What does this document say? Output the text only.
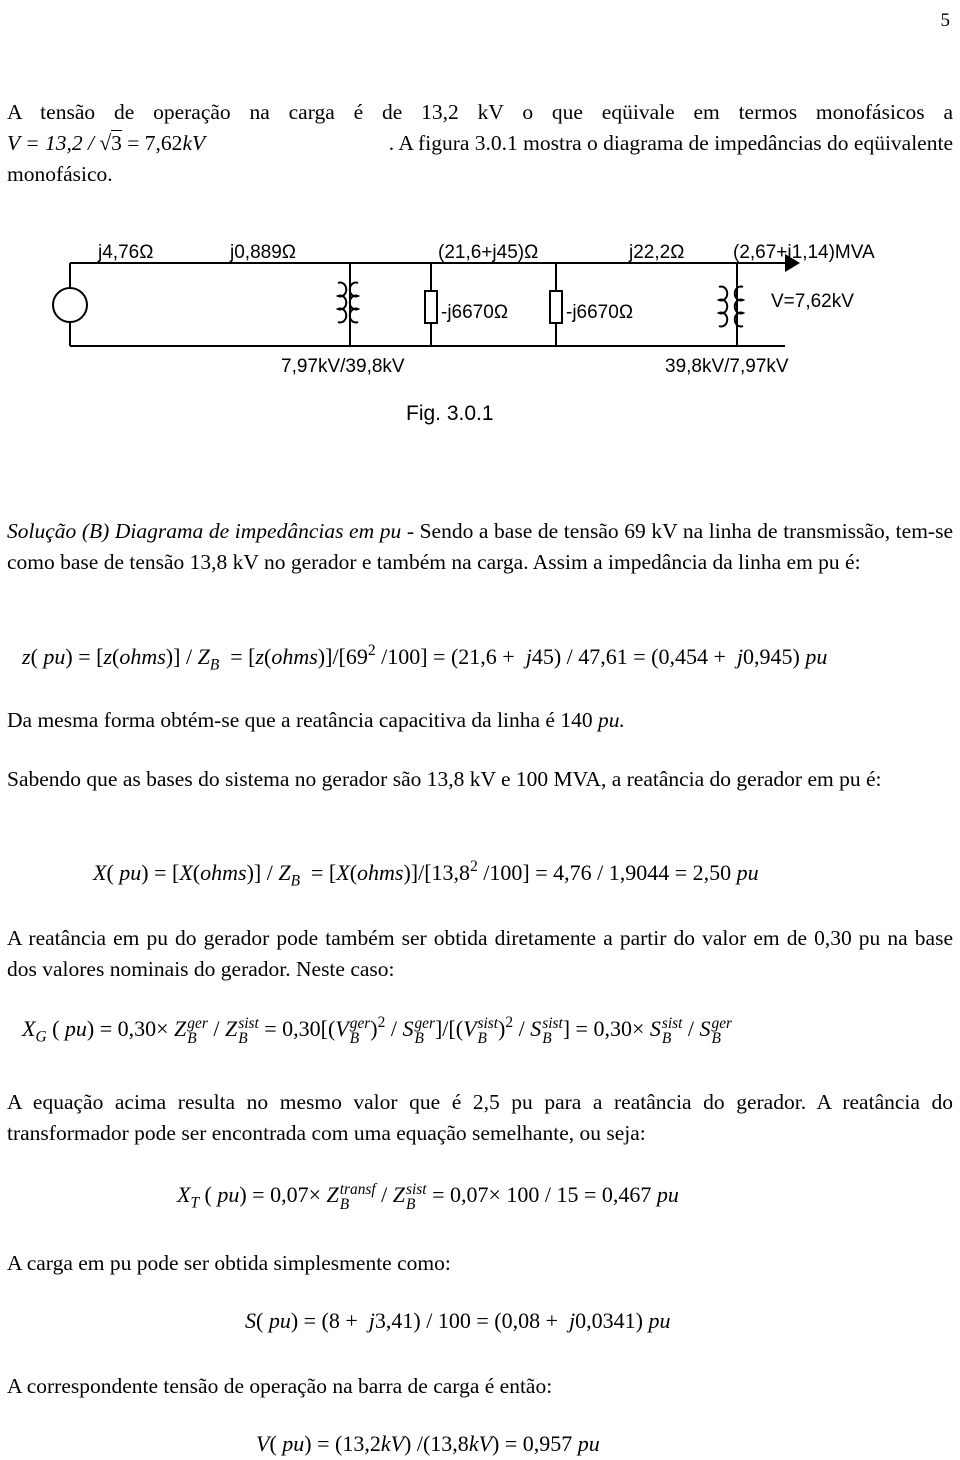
5
A tensão de operação na carga é de 13,2 kV o que eqüivale em termos monofásicos a
V = 13,2 / √3 = 7,62kV	. A figura 3.0.1 mostra o diagrama de impedâncias do eqüivalente
monofásico.
j4,76Ω	j0,889Ω	(21,6+j45)Ω	j22,2Ω	(2,67+j1,14)MVA
-j6670Ω	-j6670Ω
V=7,62kV
7,97kV/39,8kV	39,8kV/7,97kV
Fig. 3.0.1
Solução (B) Diagrama de impedâncias em pu - Sendo a base de tensão 69 kV na linha de transmissão, tem-se como base de tensão 13,8 kV no gerador e também na carga. Assim a impedância da linha em pu é:
z( pu) = [z(ohms)] / $Z_B$  = $[z(ohms)]/[69^2$ /100] = (21,6 +  j45) / 47,61 = (0,454 +  j0,945) pu
Da mesma forma obtém-se que a reatância capacitiva da linha é 140 pu.
Sabendo que as bases do sistema no gerador são 13,8 kV e 100 MVA, a reatância do gerador em pu é:
X( pu) = [X(ohms)] / $Z_B$  = $[X(ohms)]/[13,8^2$ /100] = 4,76 / 1,9044 = 2,50 pu
A reatância em pu do gerador pode também ser obtida diretamente a partir do valor em de 0,30 pu na base dos valores nominais do gerador. Neste caso:
$X_G$ ( pu) = 0,30× Z ger
B / Z sist
B = 0,30[(V ger
B )$^2$ / S ger
B ]/[(V sist
B )$^2$ / S sist
B ] = 0,30× S sist
B / S ger
B
A equação acima resulta no mesmo valor que é 2,5 pu para a reatância do gerador. A reatância do transformador pode ser encontrada com uma equação semelhante, ou seja:
$X_T$ ( pu) = 0,07× Z transf
B	/ Z sist
B = 0,07× 100 / 15 = 0,467 pu
A carga em pu pode ser obtida simplesmente como:
S( pu) = (8 +  j3,41) / 100 = (0,08 +  j0,0341) pu
A correspondente tensão de operação na barra de carga é então:
V( pu) = (13,2kV) /(13,8kV) = 0,957 pu
